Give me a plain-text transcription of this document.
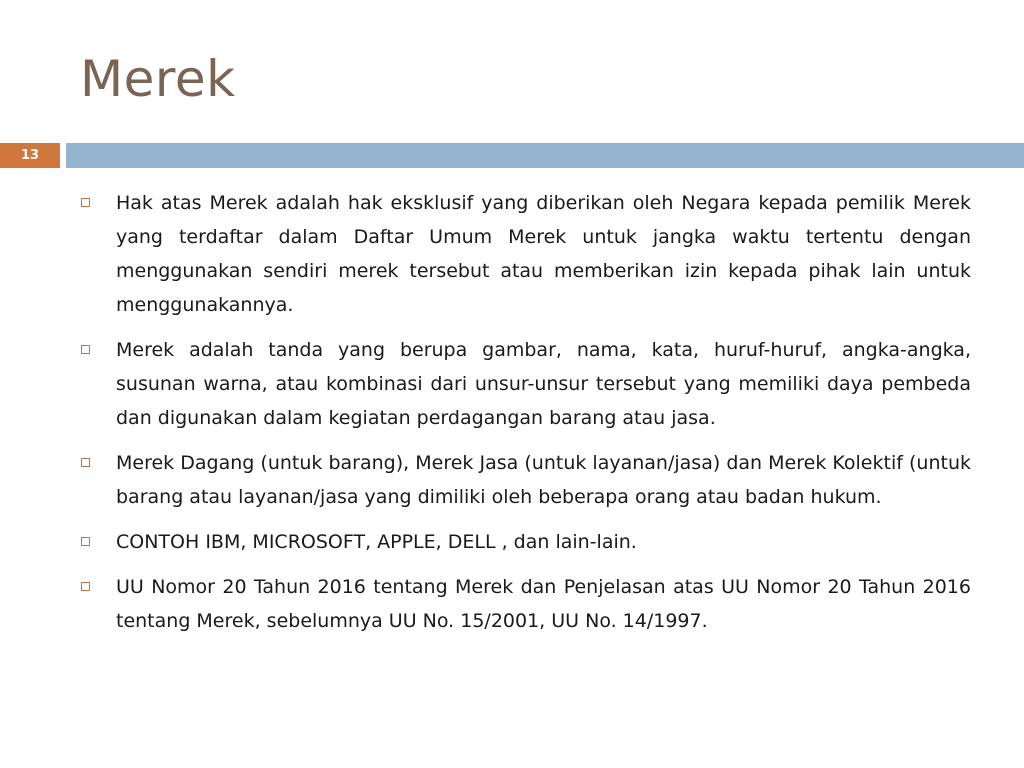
Merek
13
Hak atas Merek adalah hak eksklusif yang diberikan oleh Negara kepada pemilik Merek yang terdaftar dalam Daftar Umum Merek untuk jangka waktu tertentu dengan menggunakan sendiri merek tersebut atau memberikan izin kepada pihak lain untuk menggunakannya.
Merek adalah tanda yang berupa gambar, nama, kata, huruf-huruf, angka-angka, susunan warna, atau kombinasi dari unsur-unsur tersebut yang memiliki daya pembeda dan digunakan dalam kegiatan perdagangan barang atau jasa.
Merek Dagang (untuk barang), Merek Jasa (untuk layanan/jasa) dan Merek Kolektif (untuk barang atau layanan/jasa yang dimiliki oleh beberapa orang atau badan hukum.
CONTOH IBM, MICROSOFT, APPLE, DELL , dan lain-lain.
UU Nomor 20 Tahun 2016 tentang Merek dan Penjelasan atas UU Nomor 20 Tahun 2016 tentang Merek, sebelumnya UU No. 15/2001, UU No. 14/1997.
